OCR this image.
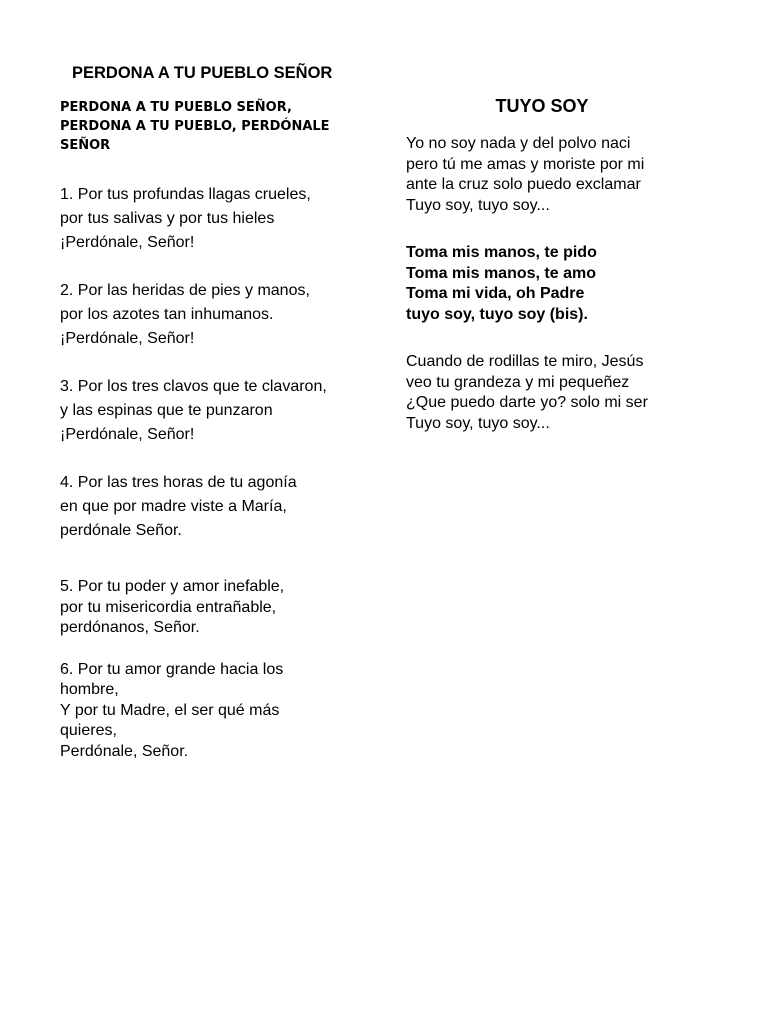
PERDONA A TU PUEBLO SEÑOR
PERDONA A TU PUEBLO SEÑOR,
PERDONA A TU PUEBLO, PERDÓNALE
SEÑOR
1. Por tus profundas llagas crueles,
por tus salivas y por tus hieles
¡Perdónale, Señor!
2. Por las heridas de pies y manos,
por los azotes tan inhumanos.
¡Perdónale, Señor!
3. Por los tres clavos que te clavaron,
y las espinas que te punzaron
¡Perdónale, Señor!
4. Por las tres horas de tu agonía
en que por madre viste a María,
perdónale Señor.
5. Por tu poder y amor inefable,
por tu misericordia entrañable,
perdónanos, Señor.
6. Por tu amor grande hacia los
hombre,
Y por tu Madre, el ser qué más
quieres,
Perdónale, Señor.
TUYO SOY
Yo no soy nada y del polvo naci
pero tú me amas y moriste por mi
ante la cruz solo puedo exclamar
Tuyo soy, tuyo soy...
Toma mis manos, te pido
Toma mis manos, te amo
Toma mi vida, oh Padre
tuyo soy, tuyo soy (bis).
Cuando de rodillas te miro, Jesús
veo tu grandeza y mi pequeñez
¿Que puedo darte yo? solo mi ser
Tuyo soy, tuyo soy...
